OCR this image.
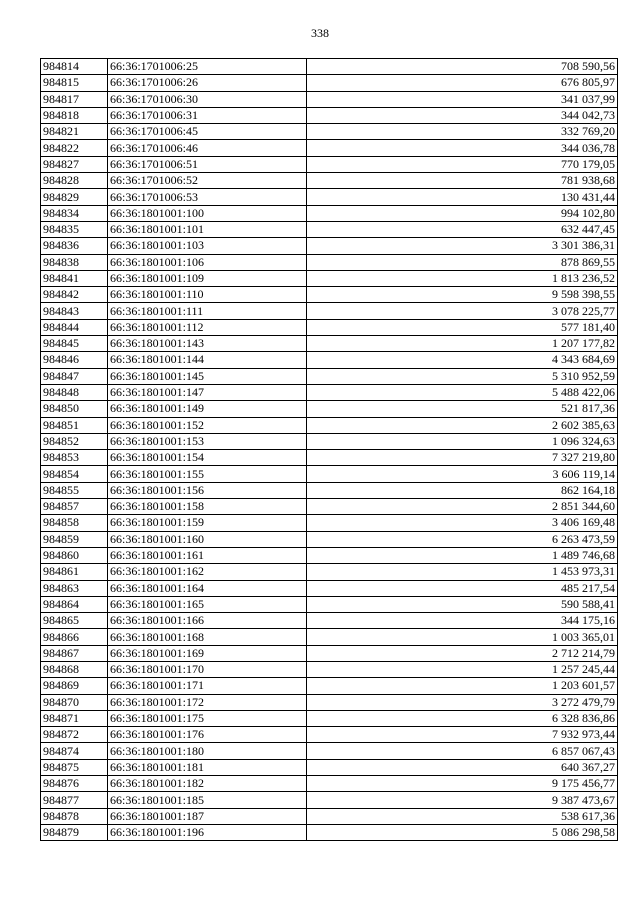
338
984814	66:36:1701006:25	708 590,56
984815	66:36:1701006:26	676 805,97
984817	66:36:1701006:30	341 037,99
984818	66:36:1701006:31	344 042,73
984821	66:36:1701006:45	332 769,20
984822	66:36:1701006:46	344 036,78
984827	66:36:1701006:51	770 179,05
984828	66:36:1701006:52	781 938,68
984829	66:36:1701006:53	130 431,44
984834	66:36:1801001:100	994 102,80
984835	66:36:1801001:101	632 447,45
984836	66:36:1801001:103	3 301 386,31
984838	66:36:1801001:106	878 869,55
984841	66:36:1801001:109	1 813 236,52
984842	66:36:1801001:110	9 598 398,55
984843	66:36:1801001:111	3 078 225,77
984844	66:36:1801001:112	577 181,40
984845	66:36:1801001:143	1 207 177,82
984846	66:36:1801001:144	4 343 684,69
984847	66:36:1801001:145	5 310 952,59
984848	66:36:1801001:147	5 488 422,06
984850	66:36:1801001:149	521 817,36
984851	66:36:1801001:152	2 602 385,63
984852	66:36:1801001:153	1 096 324,63
984853	66:36:1801001:154	7 327 219,80
984854	66:36:1801001:155	3 606 119,14
984855	66:36:1801001:156	862 164,18
984857	66:36:1801001:158	2 851 344,60
984858	66:36:1801001:159	3 406 169,48
984859	66:36:1801001:160	6 263 473,59
984860	66:36:1801001:161	1 489 746,68
984861	66:36:1801001:162	1 453 973,31
984863	66:36:1801001:164	485 217,54
984864	66:36:1801001:165	590 588,41
984865	66:36:1801001:166	344 175,16
984866	66:36:1801001:168	1 003 365,01
984867	66:36:1801001:169	2 712 214,79
984868	66:36:1801001:170	1 257 245,44
984869	66:36:1801001:171	1 203 601,57
984870	66:36:1801001:172	3 272 479,79
984871	66:36:1801001:175	6 328 836,86
984872	66:36:1801001:176	7 932 973,44
984874	66:36:1801001:180	6 857 067,43
984875	66:36:1801001:181	640 367,27
984876	66:36:1801001:182	9 175 456,77
984877	66:36:1801001:185	9 387 473,67
984878	66:36:1801001:187	538 617,36
984879	66:36:1801001:196	5 086 298,58
